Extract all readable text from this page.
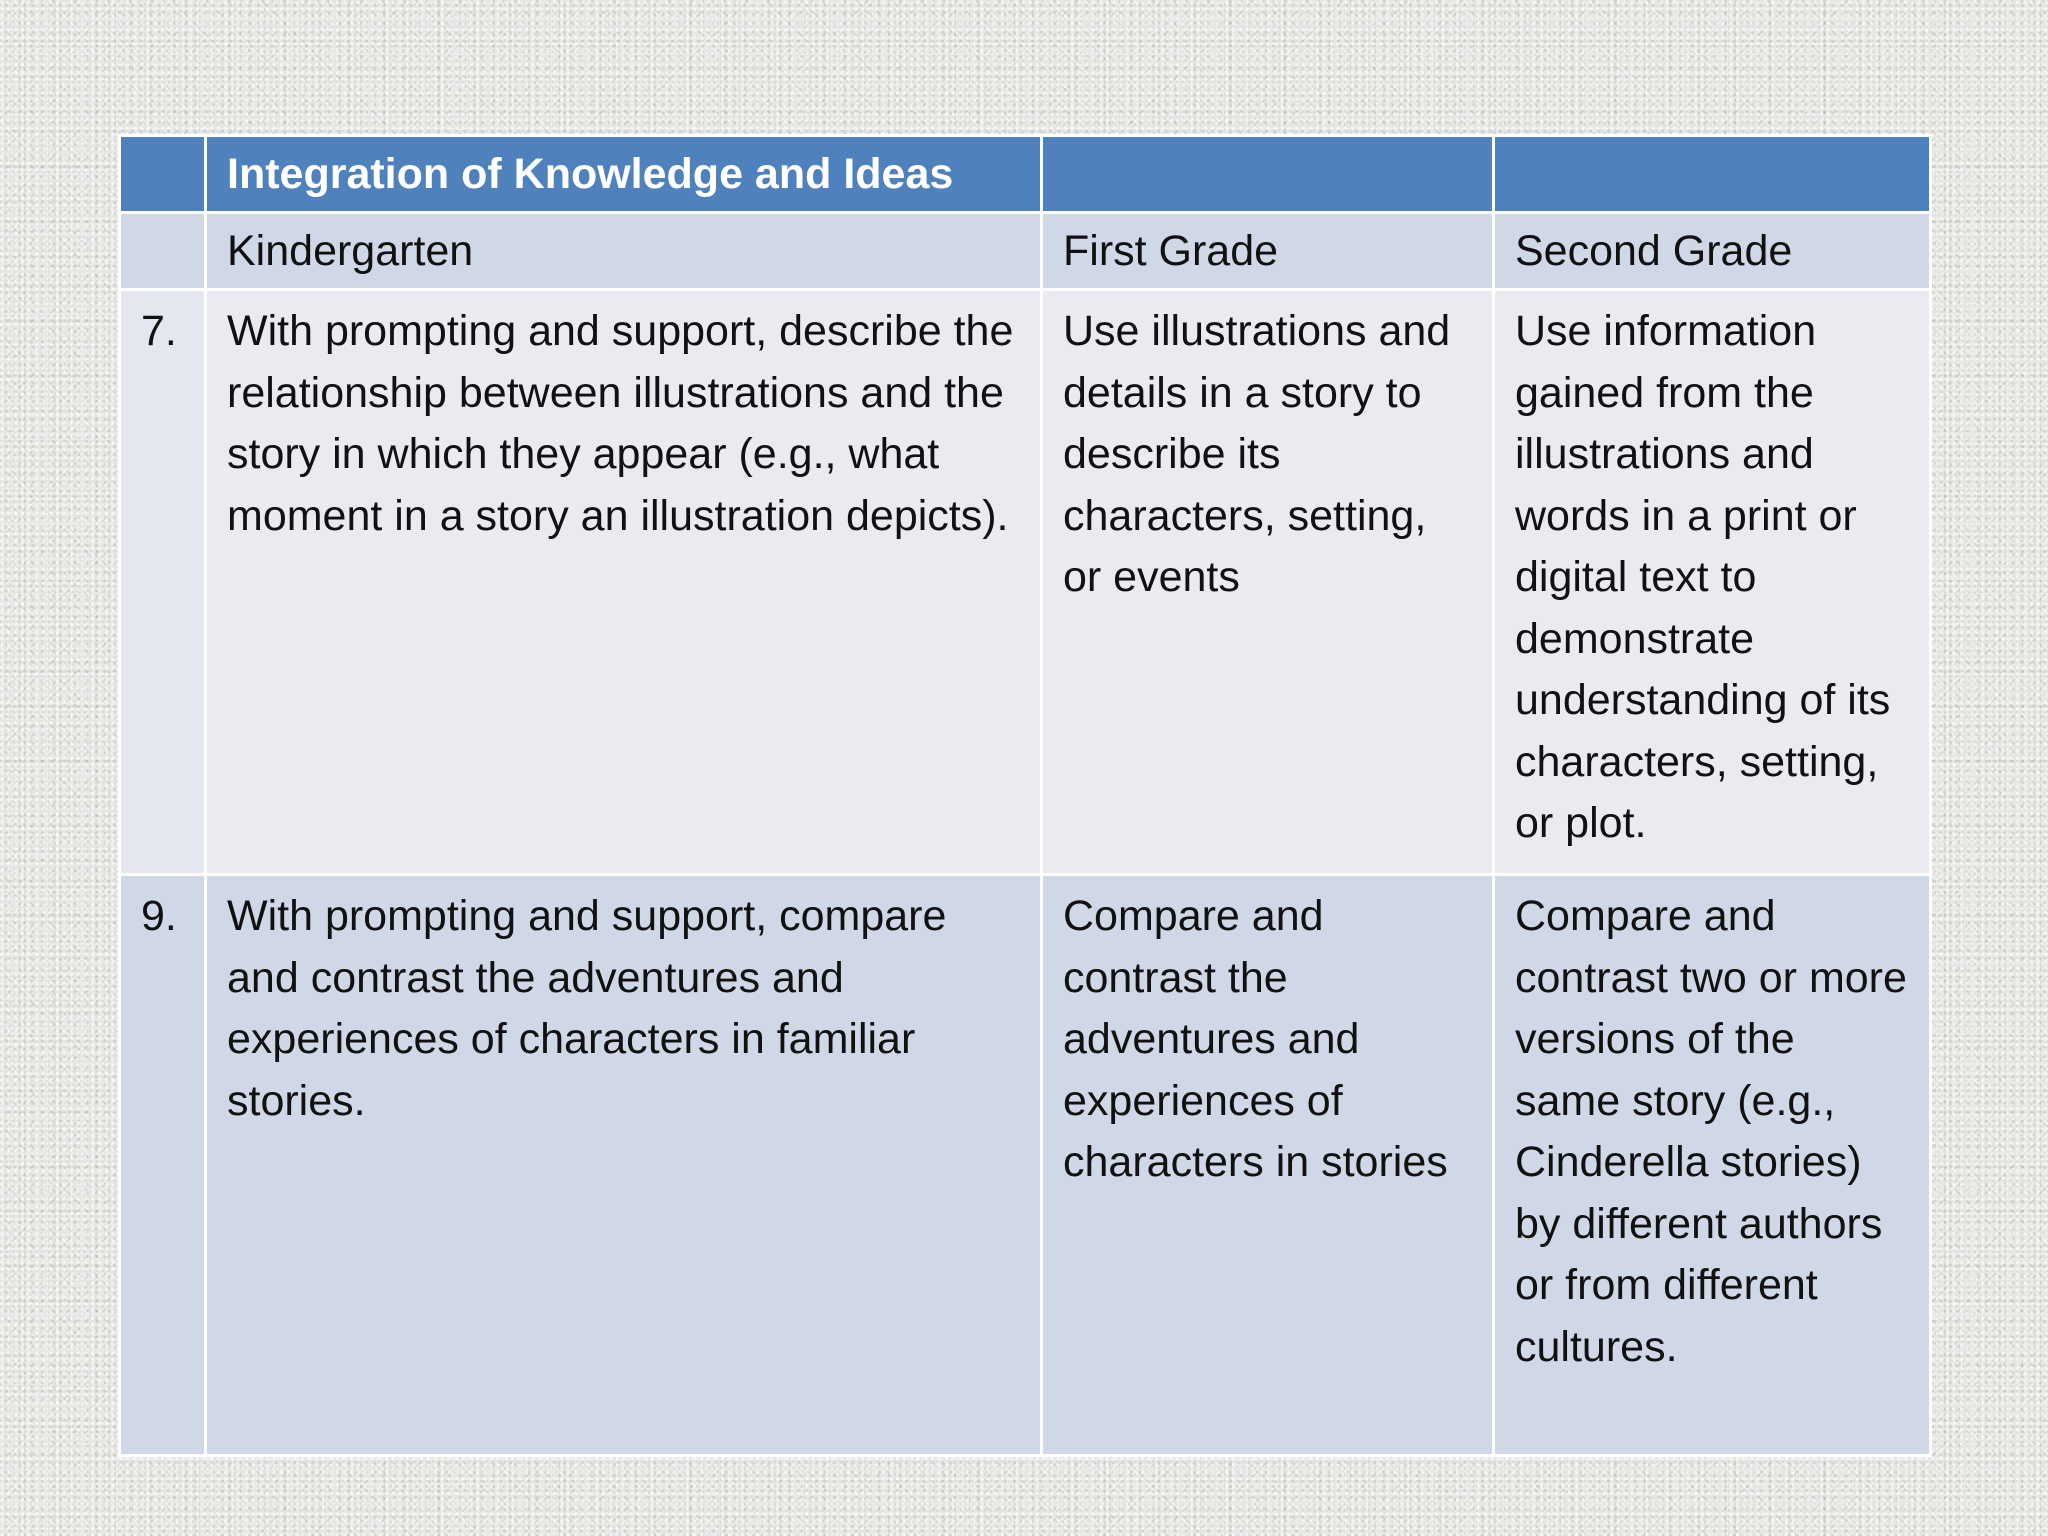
	Integration of Knowledge and Ideas		
	Kindergarten	First Grade	Second Grade
7.	With prompting and support, describe the relationship between illustrations and the story in which they appear (e.g., what moment in a story an illustration depicts).	Use illustrations and details in a story to describe its characters, setting, or events	Use information gained from the illustrations and words in a print or digital text to demonstrate understanding of its characters, setting, or plot.
9.	With prompting and support, compare and contrast the adventures and experiences of characters in familiar stories.	Compare and contrast the adventures and experiences of characters in stories	Compare and contrast two or more versions of the same story (e.g., Cinderella stories) by different authors or from different cultures.
